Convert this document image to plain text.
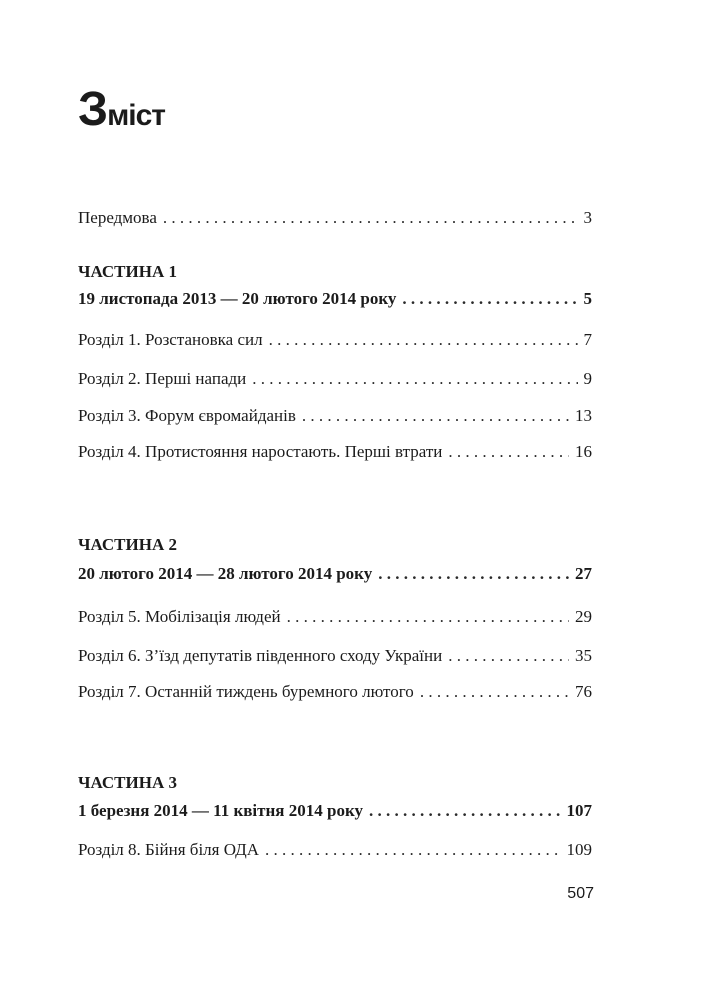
Зміст
Передмова . . .	3
ЧАСТИНА 1
19 листопада 2013 — 20 лютого 2014 року . . .	5
Розділ 1. Розстановка сил . . .	7
Розділ 2. Перші напади . . .	9
Розділ 3. Форум євромайданів . . .	13
Розділ 4. Протистояння наростають. Перші втрати . . .	16
ЧАСТИНА 2
20 лютого 2014 — 28 лютого 2014 року . . .	27
Розділ 5. Мобілізація людей . . .	29
Розділ 6. З’їзд депутатів південного сходу України . . .	35
Розділ 7. Останній тиждень буремного лютого . . .	76
ЧАСТИНА 3
1 березня 2014 — 11 квітня 2014 року . . .	107
Розділ 8. Бійня біля ОДА . . .	109
507
